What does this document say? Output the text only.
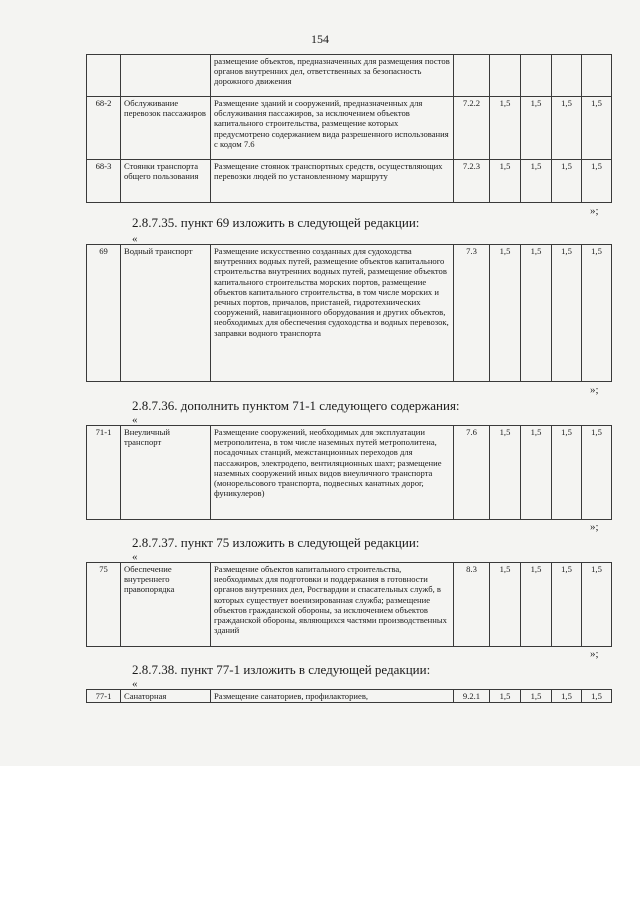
154
		размещение объектов, предназначенных для размещения постов органов внутренних дел, ответственных за безопасность дорожного движения					
68-2	Обслуживание перевозок пассажиров	Размещение зданий и сооружений, предназначенных для обслуживания пассажиров, за исключением объектов капитального строительства, размещение которых предусмотрено содержанием вида разрешенного использования с кодом 7.6	7.2.2	1,5	1,5	1,5	1,5
68-3	Стоянки транспорта общего пользования	Размещение стоянок транспортных средств, осуществляющих перевозки людей по установленному маршруту	7.2.3	1,5	1,5	1,5	1,5
2.8.7.35. пункт 69 изложить в следующей редакции:
»;
«
69	Водный транспорт	Размещение искусственно созданных для судоходства внутренних водных путей, размещение объектов капитального строительства внутренних водных путей, размещение объектов капитального строительства морских портов, размещение объектов капитального строительства, в том числе морских и речных портов, причалов, пристаней, гидротехнических сооружений, навигационного оборудования и других объектов, необходимых для обеспечения судоходства и водных перевозок, заправки водного транспорта	7.3	1,5	1,5	1,5	1,5
2.8.7.36. дополнить пунктом 71-1 следующего содержания:
»;
«
71-1	Внеуличный транспорт	Размещение сооружений, необходимых для эксплуатации метрополитена, в том числе наземных путей метрополитена, посадочных станций, межстанционных переходов для пассажиров, электродепо, вентиляционных шахт; размещение наземных сооружений иных видов внеуличного транспорта (монорельсового транспорта, подвесных канатных дорог, фуникулеров)	7.6	1,5	1,5	1,5	1,5
2.8.7.37. пункт 75 изложить в следующей редакции:
»;
«
75	Обеспечение внутреннего правопорядка	Размещение объектов капитального строительства, необходимых для подготовки и поддержания в готовности органов внутренних дел, Росгвардии и спасательных служб, в которых существует военизированная служба; размещение объектов гражданской обороны, за исключением объектов гражданской обороны, являющихся частями производственных зданий	8.3	1,5	1,5	1,5	1,5
2.8.7.38. пункт 77-1 изложить в следующей редакции:
»;
«
77-1	Санаторная	Размещение санаториев, профилакториев,	9.2.1	1,5	1,5	1,5	1,5
